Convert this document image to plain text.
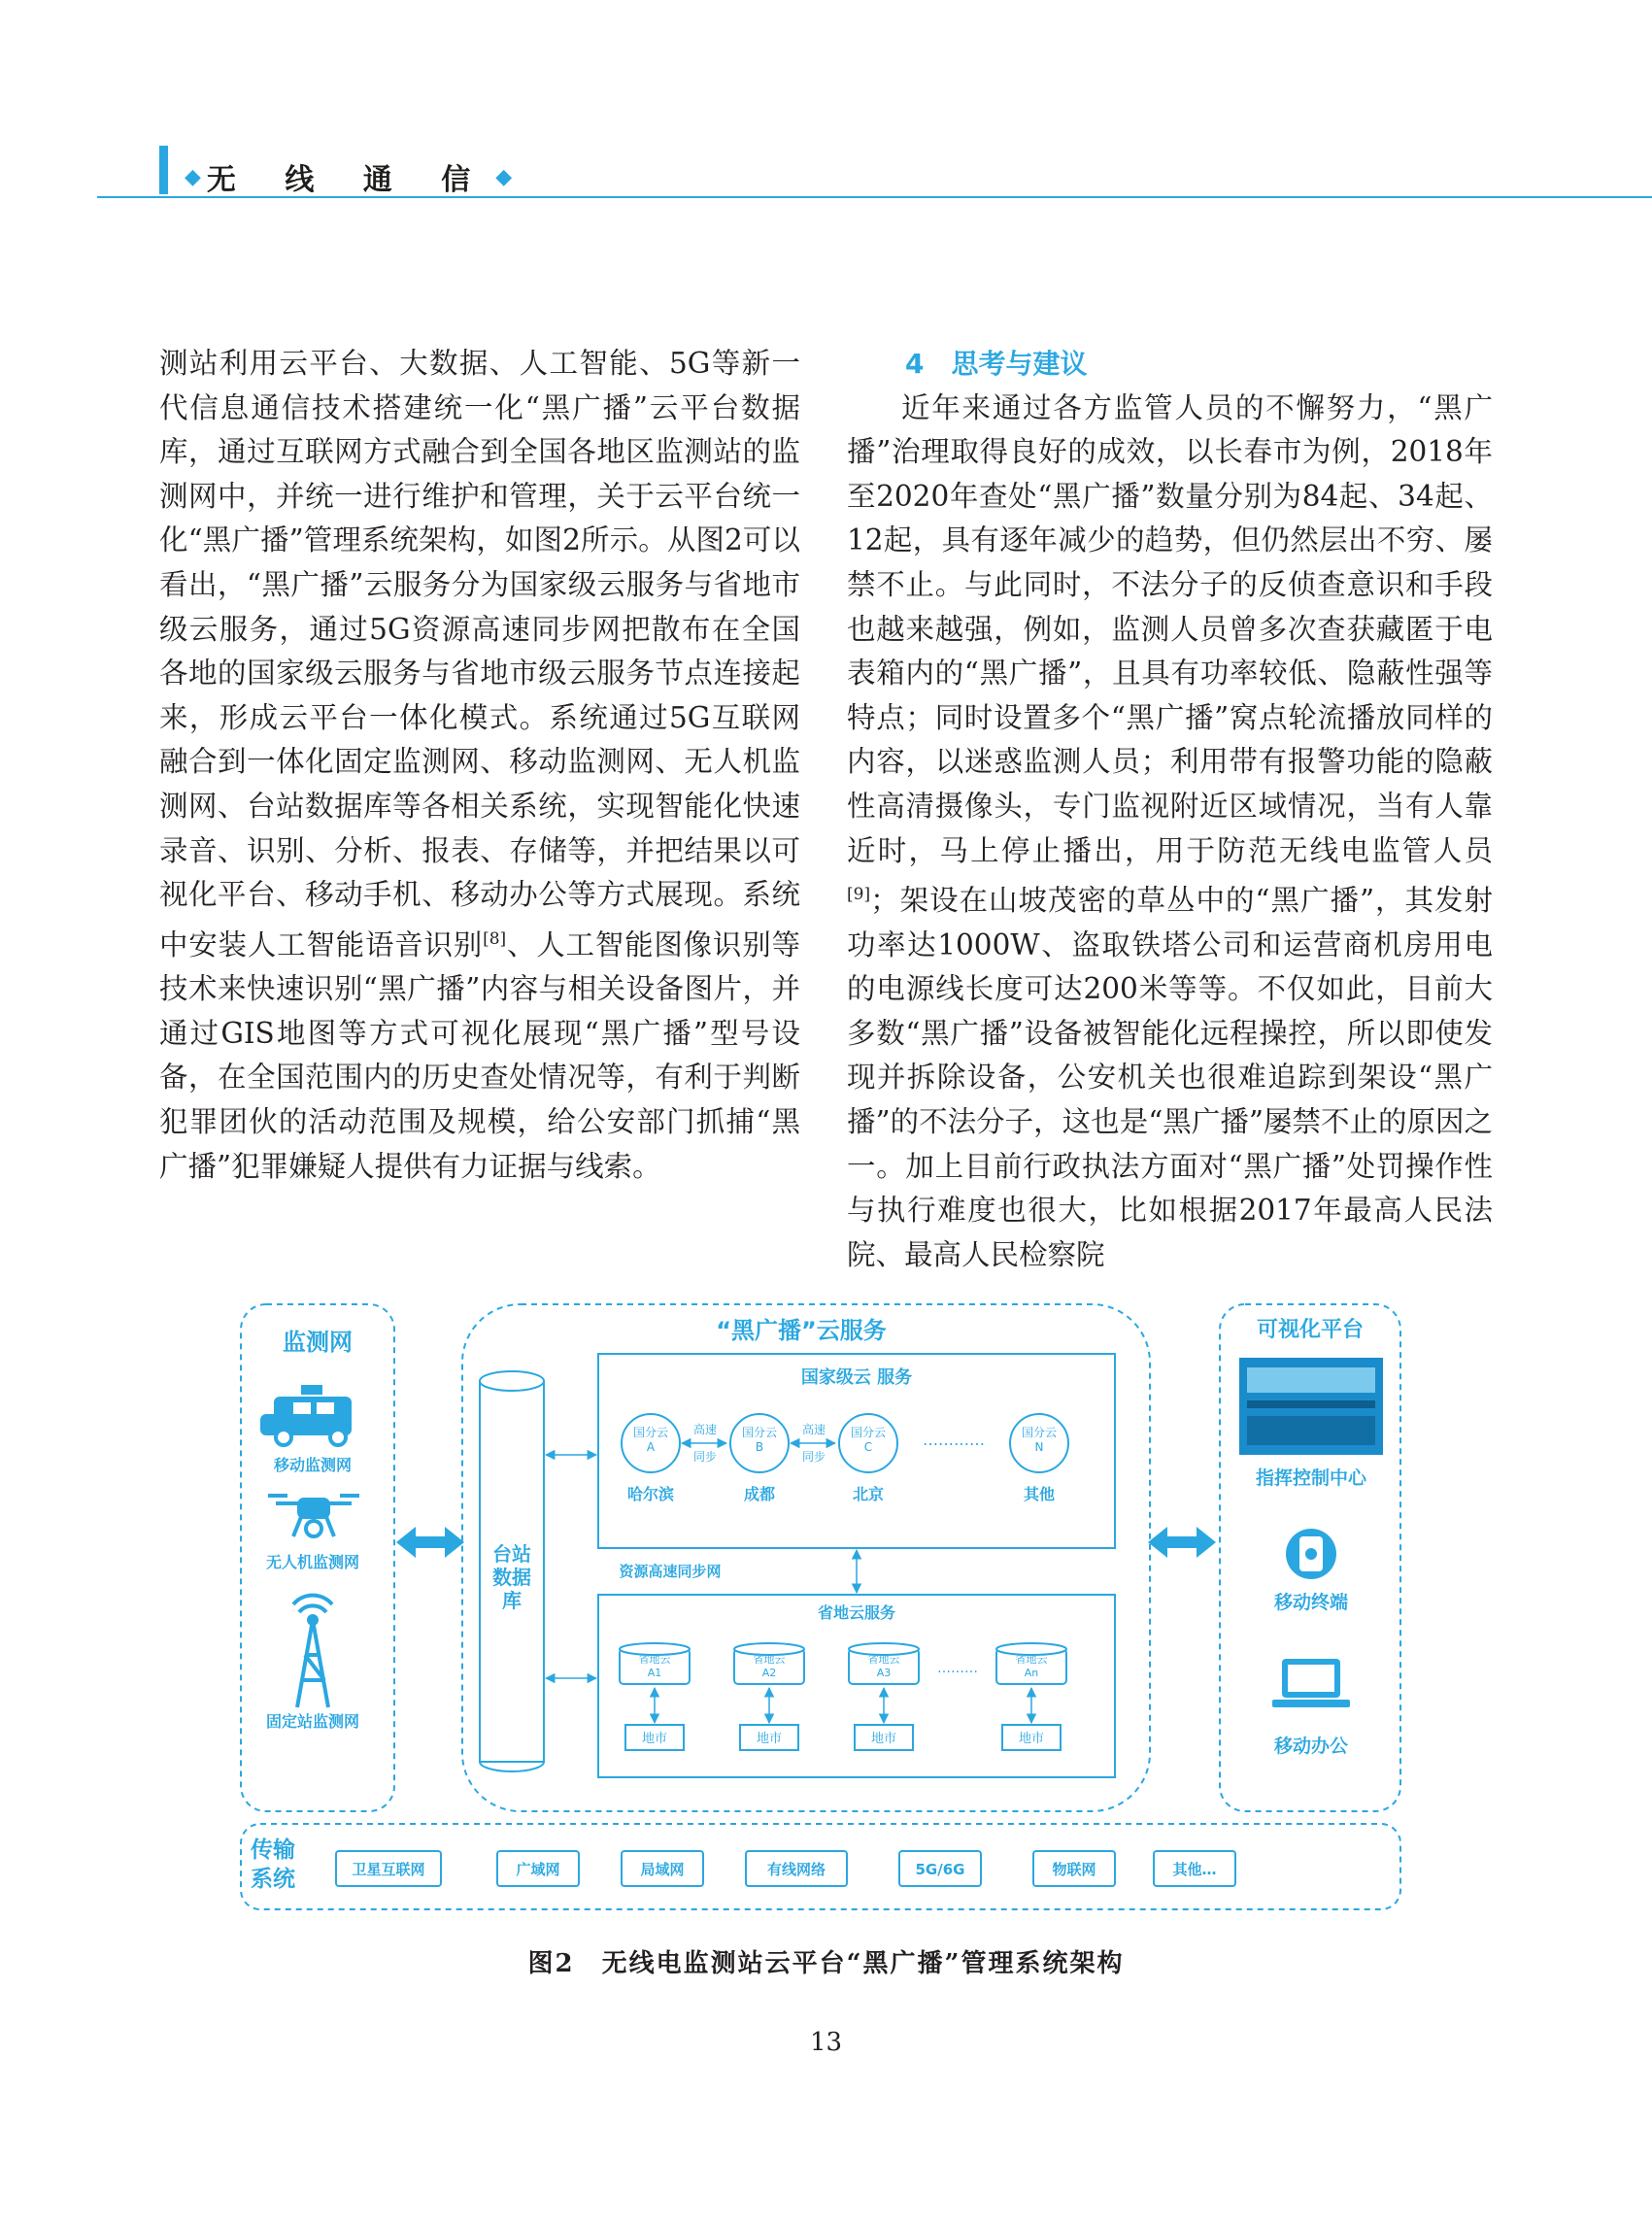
◆ 无 线 通 信 ◆

测站利用云平台、大数据、人工智能、5G等新一代信息通信技术搭建统一化“黑广播”云平台数据库，通过互联网方式融合到全国各地区监测站的监测网中，并统一进行维护和管理，关于云平台统一化“黑广播”管理系统架构，如图2所示。从图2可以看出，“黑广播”云服务分为国家级云服务与省地市级云服务，通过5G资源高速同步网把散布在全国各地的国家级云服务与省地市级云服务节点连接起来，形成云平台一体化模式。系统通过5G互联网融合到一体化固定监测网、移动监测网、无人机监测网、台站数据库等各相关系统，实现智能化快速录音、识别、分析、报表、存储等，并把结果以可视化平台、移动手机、移动办公等方式展现。系统中安装人工智能语音识别[8]、人工智能图像识别等技术来快速识别“黑广播”内容与相关设备图片，并通过GIS地图等方式可视化展现“黑广播”型号设备，在全国范围内的历史查处情况等，有利于判断犯罪团伙的活动范围及规模，给公安部门抓捕“黑广播”犯罪嫌疑人提供有力证据与线索。

4　思考与建议

近年来通过各方监管人员的不懈努力，“黑广播”治理取得良好的成效，以长春市为例，2018年至2020年查处“黑广播”数量分别为84起、34起、12起，具有逐年减少的趋势，但仍然层出不穷、屡禁不止。与此同时，不法分子的反侦查意识和手段也越来越强，例如，监测人员曾多次查获藏匿于电表箱内的“黑广播”，且具有功率较低、隐蔽性强等特点；同时设置多个“黑广播”窝点轮流播放同样的内容，以迷惑监测人员；利用带有报警功能的隐蔽性高清摄像头，专门监视附近区域情况，当有人靠近时，马上停止播出，用于防范无线电监管人员[9]；架设在山坡茂密的草丛中的“黑广播”，其发射功率达1000W、盗取铁塔公司和运营商机房用电的电源线长度可达200米等等。不仅如此，目前大多数“黑广播”设备被智能化远程操控，所以即使发现并拆除设备，公安机关也很难追踪到架设“黑广播”的不法分子，这也是“黑广播”屡禁不止的原因之一。加上目前行政执法方面对“黑广播”处罚操作性与执行难度也很大，比如根据2017年最高人民法院、最高人民检察院

监测网
移动监测网
无人机监测网
固定站监测网
“黑广播”云服务
台站数据库
国家级云 服务
国分云A
国分云B
国分云C
国分云N
哈尔滨	成都	北京	其他
高速
同步
高速
同步
…………
资源高速同步网
省地云服务
省地云A1
省地云A2
省地云A3
省地云An
………
地市	地市	地市	地市
可视化平台
指挥控制中心
移动终端
移动办公
传输系统	卫星互联网	广域网	局域网	有线网络	5G/6G	物联网	其他…
图2　无线电监测站云平台“黑广播”管理系统架构
13
